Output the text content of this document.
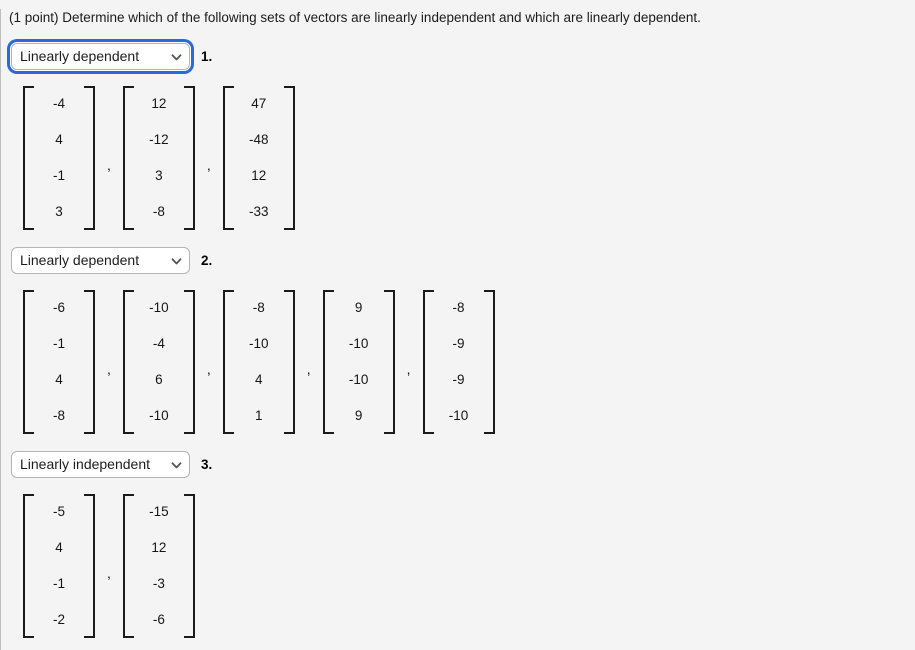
(1 point) Determine which of the following sets of vectors are linearly independent and which are linearly dependent.

Linearly dependent
1.
-4
4
-1
3
,
12
-12
3
-8
,
47
-48
12
-33
Linearly dependent
2.
-6
-1
4
-8
,
-10
-4
6
-10
,
-8
-10
4
1
,
9
-10
-10
9
,
-8
-9
-9
-10
Linearly independent
3.
-5
4
-1
-2
,
-15
12
-3
-6
